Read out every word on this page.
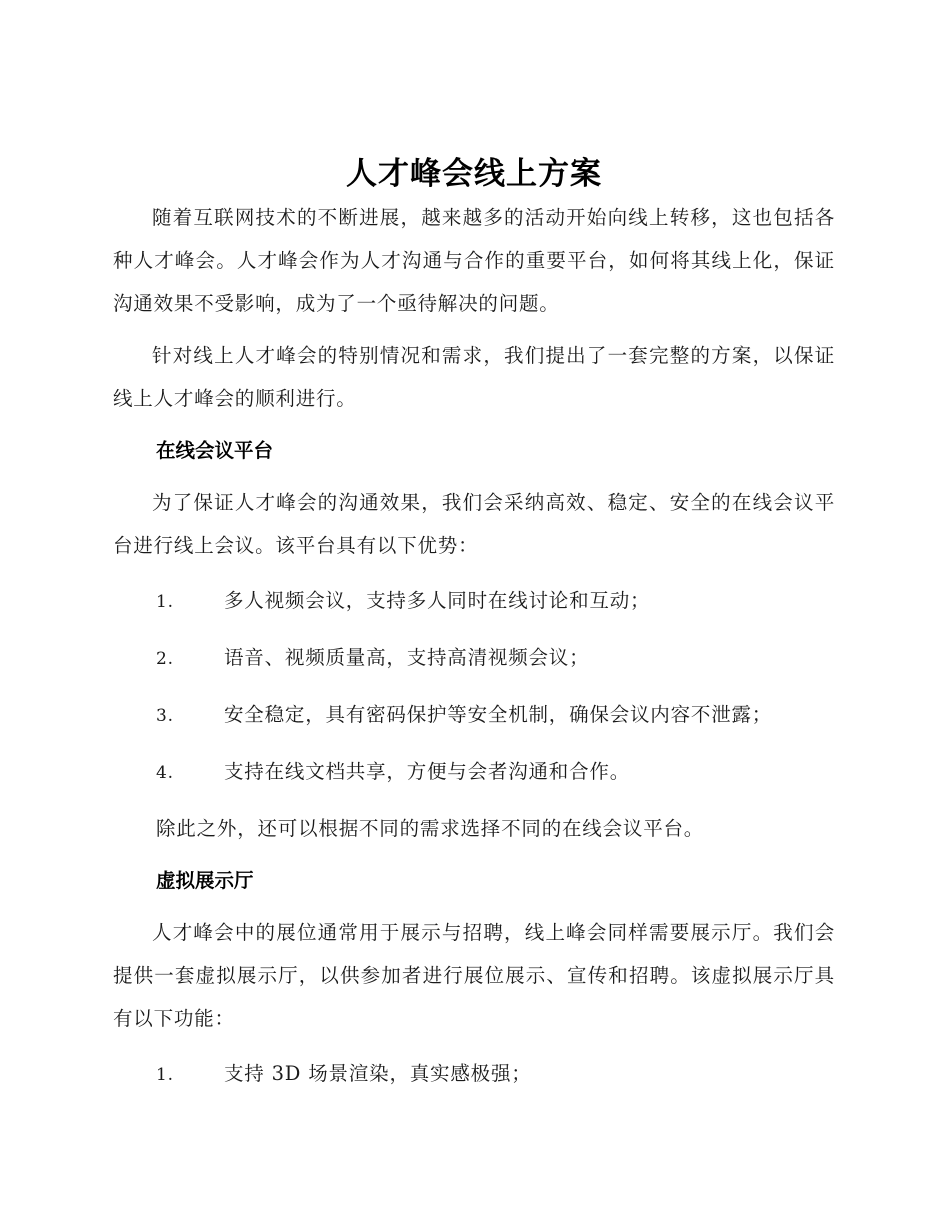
人才峰会线上方案

随着互联网技术的不断进展，越来越多的活动开始向线上转移，这也包括各种人才峰会。人才峰会作为人才沟通与合作的重要平台，如何将其线上化，保证沟通效果不受影响，成为了一个亟待解决的问题。

针对线上人才峰会的特别情况和需求，我们提出了一套完整的方案，以保证线上人才峰会的顺利进行。

在线会议平台

为了保证人才峰会的沟通效果，我们会采纳高效、稳定、安全的在线会议平台进行线上会议。该平台具有以下优势：

1.	多人视频会议，支持多人同时在线讨论和互动；
2.	语音、视频质量高，支持高清视频会议；
3.	安全稳定，具有密码保护等安全机制，确保会议内容不泄露；
4.	支持在线文档共享，方便与会者沟通和合作。

除此之外，还可以根据不同的需求选择不同的在线会议平台。

虚拟展示厅

人才峰会中的展位通常用于展示与招聘，线上峰会同样需要展示厅。我们会提供一套虚拟展示厅，以供参加者进行展位展示、宣传和招聘。该虚拟展示厅具有以下功能：

1.	支持 3D 场景渲染，真实感极强；
